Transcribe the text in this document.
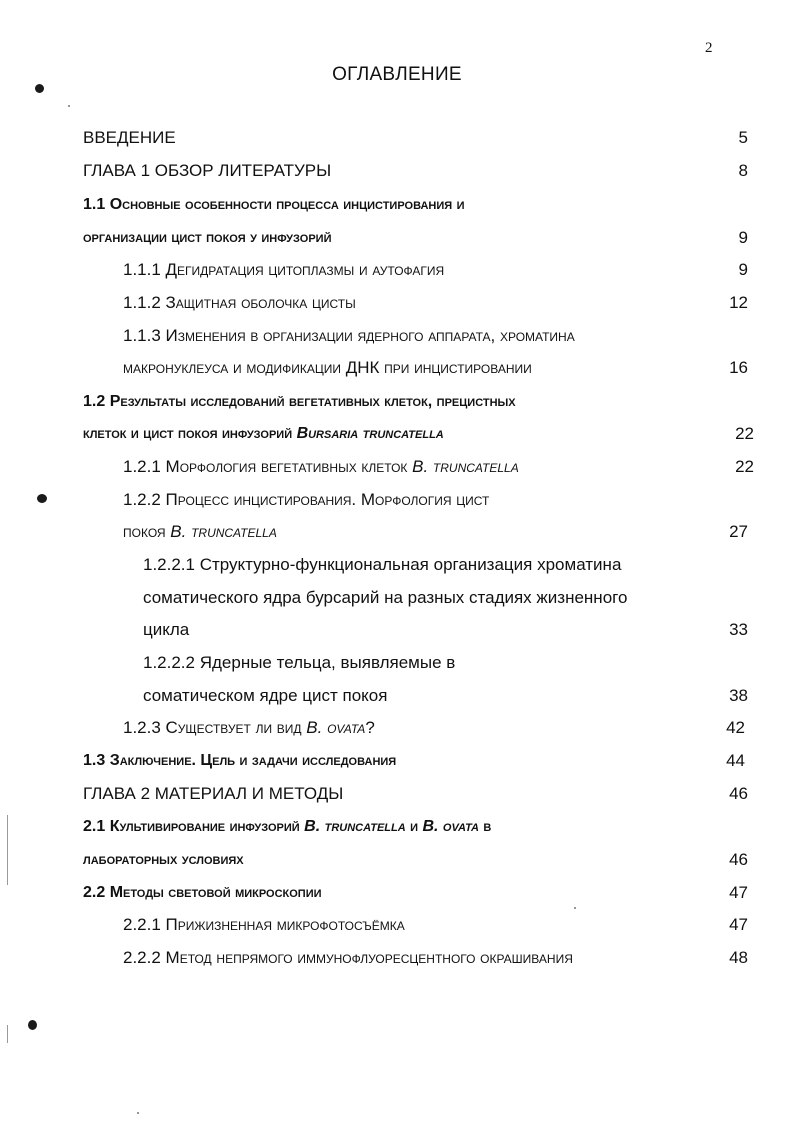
2
ОГЛАВЛЕНИЕ
ВВЕДЕНИЕ	5
ГЛАВА 1 ОБЗОР ЛИТЕРАТУРЫ	8
1.1 Основные особенности процесса инцистирования и
организации цист покоя у инфузорий	9
1.1.1 Дегидратация цитоплазмы и аутофагия	9
1.1.2 Защитная оболочка цисты	12
1.1.3 Изменения в организации ядерного аппарата, хроматина
макронуклеуса и модификации ДНК при инцистировании	16
1.2 Результаты исследований вегетативных клеток, прецистных
клеток и цист покоя инфузорий Bursaria truncatella	22
1.2.1 Морфология вегетативных клеток B. truncatella	22
1.2.2 Процесс инцистирования. Морфология цист
покоя B. truncatella	27
1.2.2.1 Структурно-функциональная организация хроматина
соматического ядра бурсарий на разных стадиях жизненного
цикла	33
1.2.2.2 Ядерные тельца, выявляемые в
соматическом ядре цист покоя	38
1.2.3 Существует ли вид B. ovata?	42
1.3 Заключение. Цель и задачи исследования	44
ГЛАВА 2 МАТЕРИАЛ И МЕТОДЫ	46
2.1 Культивирование инфузорий B. truncatella и B. ovata в
лабораторных условиях	46
2.2 Методы световой микроскопии	47
2.2.1 Прижизненная микрофотосъёмка	47
2.2.2 Метод непрямого иммунофлуоресцентного окрашивания	48
